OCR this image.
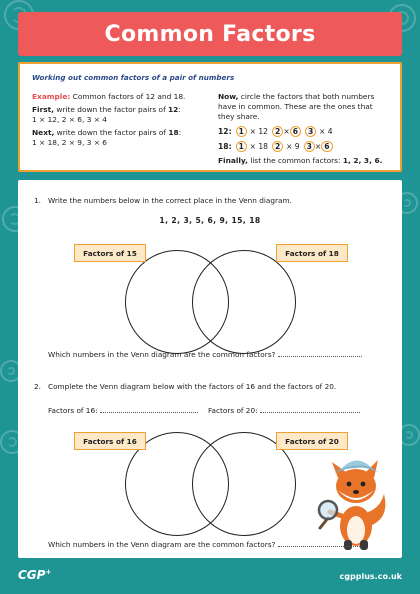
Common Factors
Working out common factors of a pair of numbers
Example: Common factors of 12 and 18.
First, write down the factor pairs of 12:
1 × 12, 2 × 6, 3 × 4
Next, write down the factor pairs of 18:
1 × 18, 2 × 9, 3 × 6
Now, circle the factors that both numbers have in common. These are the ones that they share.
12: 1 × 12 2 × 6	3 × 4
18: 1 × 18 2 × 9 3 × 6
Finally, list the common factors: 1, 2, 3, 6.
1. Write the numbers below in the correct place in the Venn diagram.
1, 2, 3, 5, 6, 9, 15, 18
Factors of 15	Factors of 18
Which numbers in the Venn diagram are the common factors?
2. Complete the Venn diagram below with the factors of 16 and the factors of 20.
Factors of 16:	Factors of 20:
Factors of 16	Factors of 20
Which numbers in the Venn diagram are the common factors?
CGP+	cgpplus.co.uk
